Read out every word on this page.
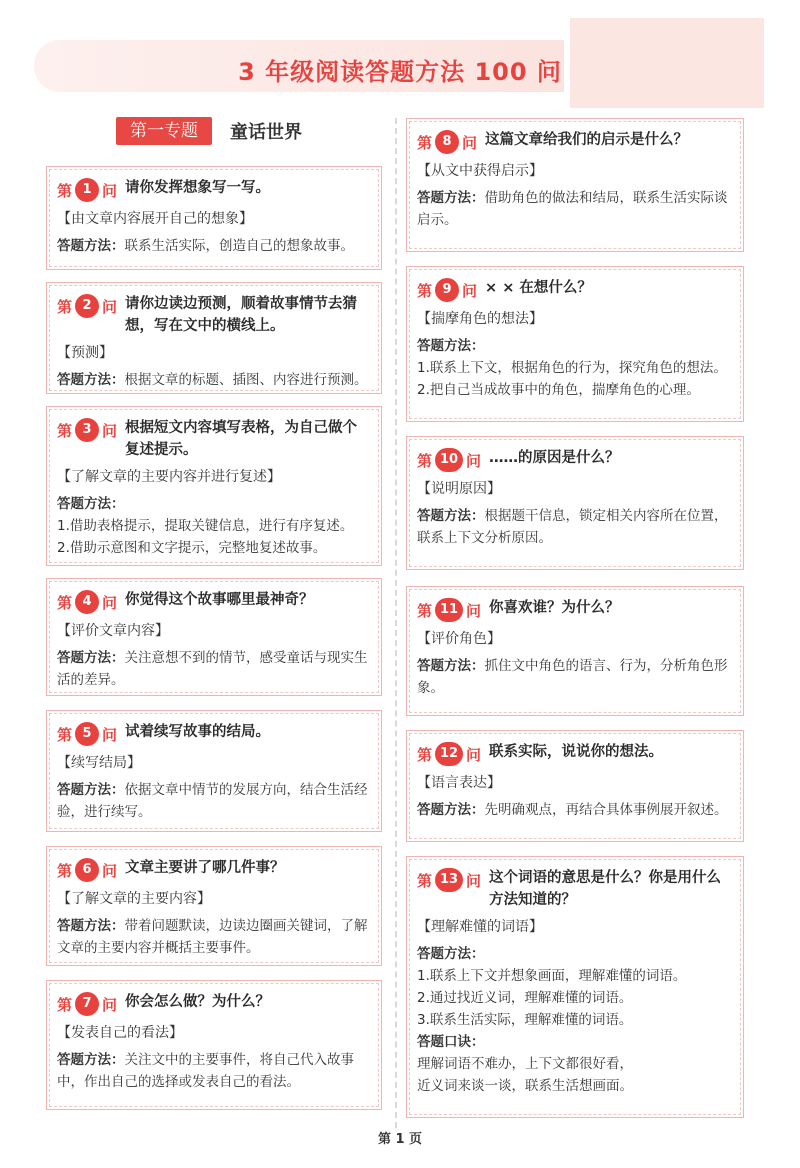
3 年级阅读答题方法 100 问
第一专题	童话世界
第 1 问 请你发挥想象写一写。
【由文章内容展开自己的想象】
答题方法：联系生活实际，创造自己的想象故事。
第 2 问 请你边读边预测，顺着故事情节去猜想，写在文中的横线上。
【预测】
答题方法：根据文章的标题、插图、内容进行预测。
第 3 问 根据短文内容填写表格，为自己做个复述提示。
【了解文章的主要内容并进行复述】
答题方法：
1.借助表格提示，提取关键信息，进行有序复述。
2.借助示意图和文字提示，完整地复述故事。
第 4 问 你觉得这个故事哪里最神奇？
【评价文章内容】
答题方法：关注意想不到的情节，感受童话与现实生活的差异。
第 5 问 试着续写故事的结局。
【续写结局】
答题方法：依据文章中情节的发展方向，结合生活经验，进行续写。
第 6 问 文章主要讲了哪几件事？
【了解文章的主要内容】
答题方法：带着问题默读，边读边圈画关键词，了解文章的主要内容并概括主要事件。
第 7 问 你会怎么做？为什么？
【发表自己的看法】
答题方法：关注文中的主要事件，将自己代入故事中，作出自己的选择或发表自己的看法。
第 8 问 这篇文章给我们的启示是什么？
【从文中获得启示】
答题方法：借助角色的做法和结局，联系生活实际谈启示。
第 9 问 × × 在想什么？
【揣摩角色的想法】
答题方法：
1.联系上下文，根据角色的行为，探究角色的想法。
2.把自己当成故事中的角色，揣摩角色的心理。
第 10 问 ……的原因是什么？
【说明原因】
答题方法：根据题干信息，锁定相关内容所在位置，联系上下文分析原因。
第 11 问 你喜欢谁？为什么？
【评价角色】
答题方法：抓住文中角色的语言、行为，分析角色形象。
第 12 问 联系实际，说说你的想法。
【语言表达】
答题方法：先明确观点，再结合具体事例展开叙述。
第 13 问 这个词语的意思是什么？你是用什么方法知道的？
【理解难懂的词语】
答题方法：
1.联系上下文并想象画面，理解难懂的词语。
2.通过找近义词，理解难懂的词语。
3.联系生活实际，理解难懂的词语。
答题口诀：
理解词语不难办，上下文都很好看，
近义词来谈一谈，联系生活想画面。
第 1 页
